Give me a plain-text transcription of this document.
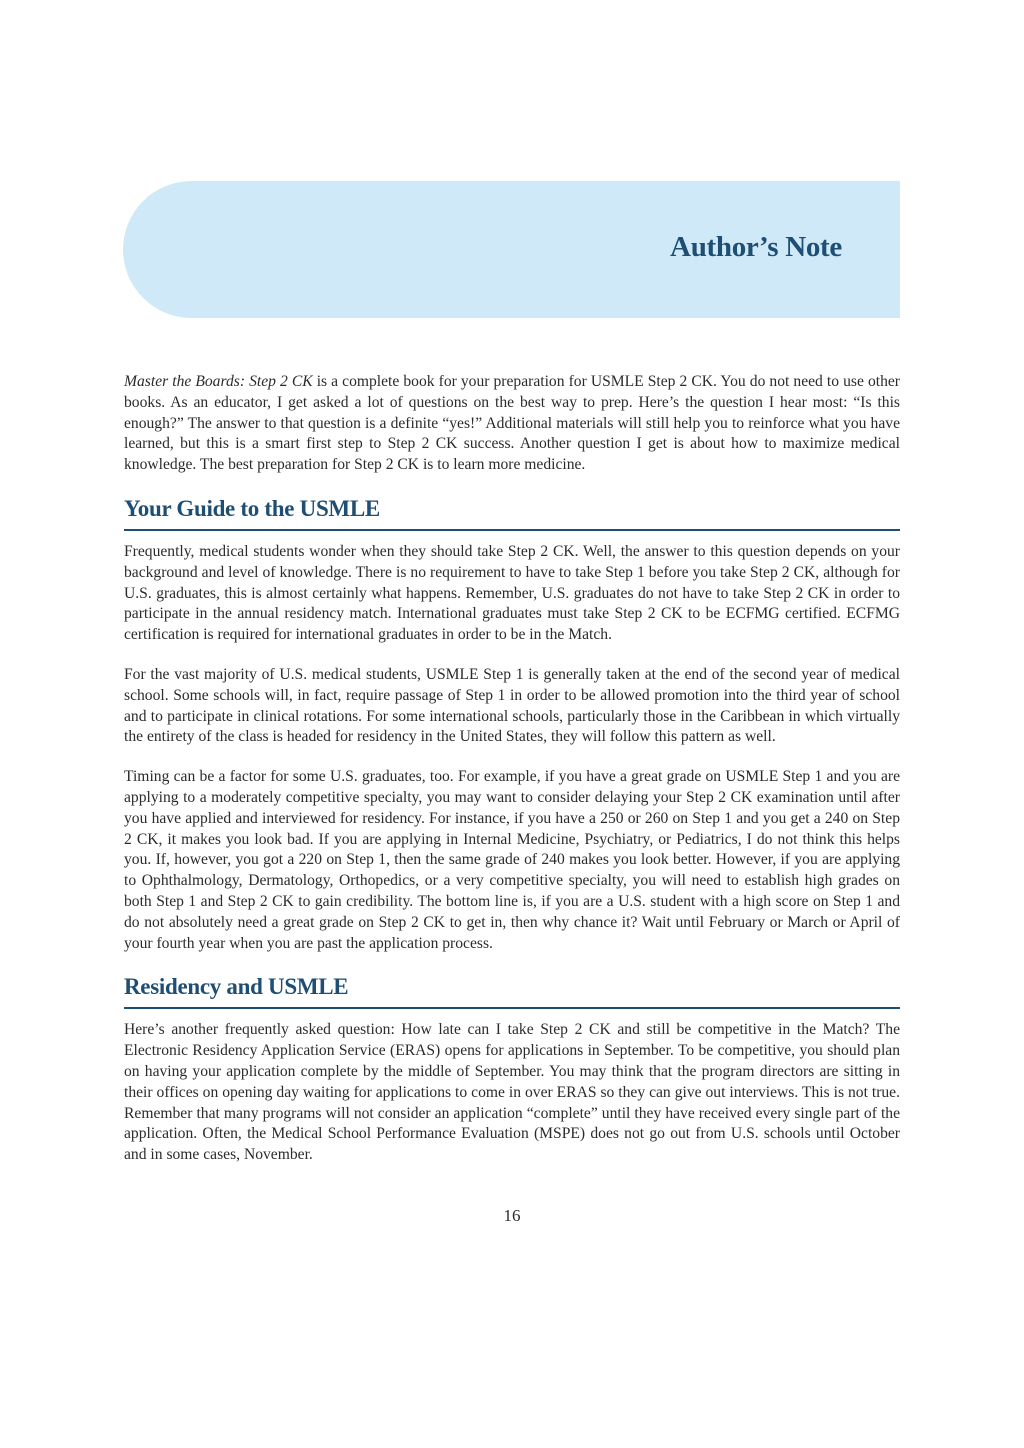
Author’s Note

Master the Boards: Step 2 CK is a complete book for your preparation for USMLE Step 2 CK. You do not need to use other books. As an educator, I get asked a lot of questions on the best way to prep. Here’s the question I hear most: “Is this enough?” The answer to that question is a definite “yes!” Additional materials will still help you to reinforce what you have learned, but this is a smart first step to Step 2 CK success. Another question I get is about how to maximize medical knowledge. The best preparation for Step 2 CK is to learn more medicine.

Your Guide to the USMLE

Frequently, medical students wonder when they should take Step 2 CK. Well, the answer to this question depends on your background and level of knowledge. There is no requirement to have to take Step 1 before you take Step 2 CK, although for U.S. graduates, this is almost certainly what happens. Remember, U.S. graduates do not have to take Step 2 CK in order to participate in the annual residency match. International graduates must take Step 2 CK to be ECFMG certified. ECFMG certification is required for international graduates in order to be in the Match.

For the vast majority of U.S. medical students, USMLE Step 1 is generally taken at the end of the second year of medical school. Some schools will, in fact, require passage of Step 1 in order to be allowed promotion into the third year of school and to participate in clinical rotations. For some international schools, particularly those in the Caribbean in which virtually the entirety of the class is headed for residency in the United States, they will follow this pattern as well.

Timing can be a factor for some U.S. graduates, too. For example, if you have a great grade on USMLE Step 1 and you are applying to a moderately competitive specialty, you may want to consider delaying your Step 2 CK examination until after you have applied and interviewed for residency. For instance, if you have a 250 or 260 on Step 1 and you get a 240 on Step 2 CK, it makes you look bad. If you are applying in Internal Medicine, Psychiatry, or Pediatrics, I do not think this helps you. If, however, you got a 220 on Step 1, then the same grade of 240 makes you look better. However, if you are applying to Ophthalmology, Dermatology, Orthopedics, or a very competitive specialty, you will need to establish high grades on both Step 1 and Step 2 CK to gain credibility. The bottom line is, if you are a U.S. student with a high score on Step 1 and do not absolutely need a great grade on Step 2 CK to get in, then why chance it? Wait until February or March or April of your fourth year when you are past the application process.

Residency and USMLE

Here’s another frequently asked question: How late can I take Step 2 CK and still be competitive in the Match? The Electronic Residency Application Service (ERAS) opens for applications in September. To be competitive, you should plan on having your application complete by the middle of September. You may think that the program directors are sitting in their offices on opening day waiting for applications to come in over ERAS so they can give out interviews. This is not true. Remember that many programs will not consider an application “complete” until they have received every single part of the application. Often, the Medical School Performance Evaluation (MSPE) does not go out from U.S. schools until October and in some cases, November.

16
